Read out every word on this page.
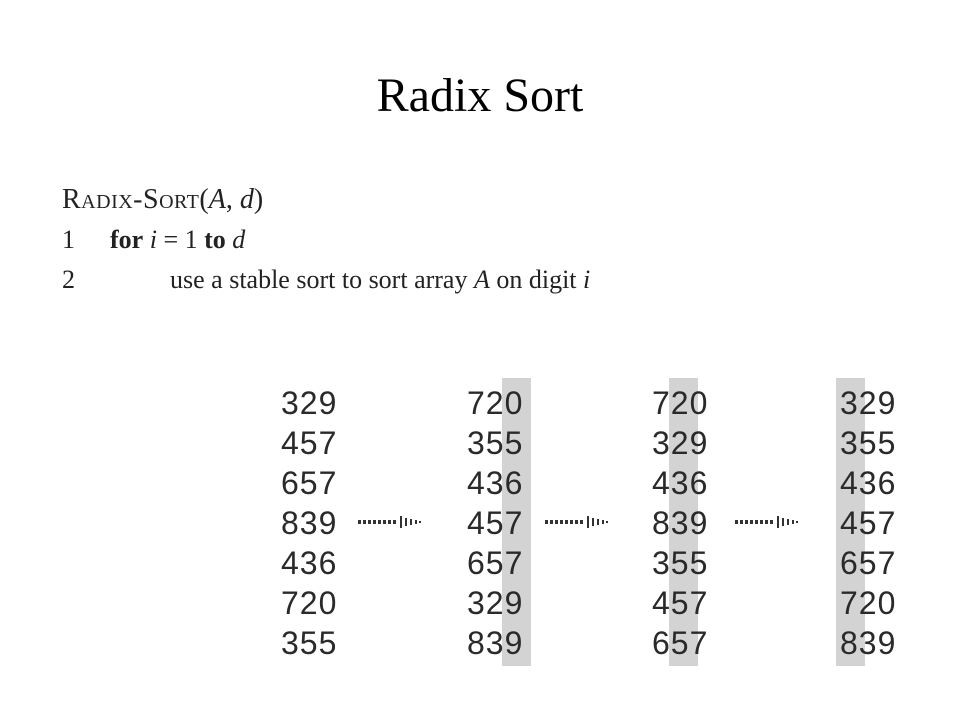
Radix Sort
Radix-Sort(A, d)
1 for i = 1 to d
2	use a stable sort to sort array A on digit i
329
457
657
839
436
720
355
720
355
436
457
657
329
839
720
329
436
839
355
457
657
329
355
436
457
657
720
839
